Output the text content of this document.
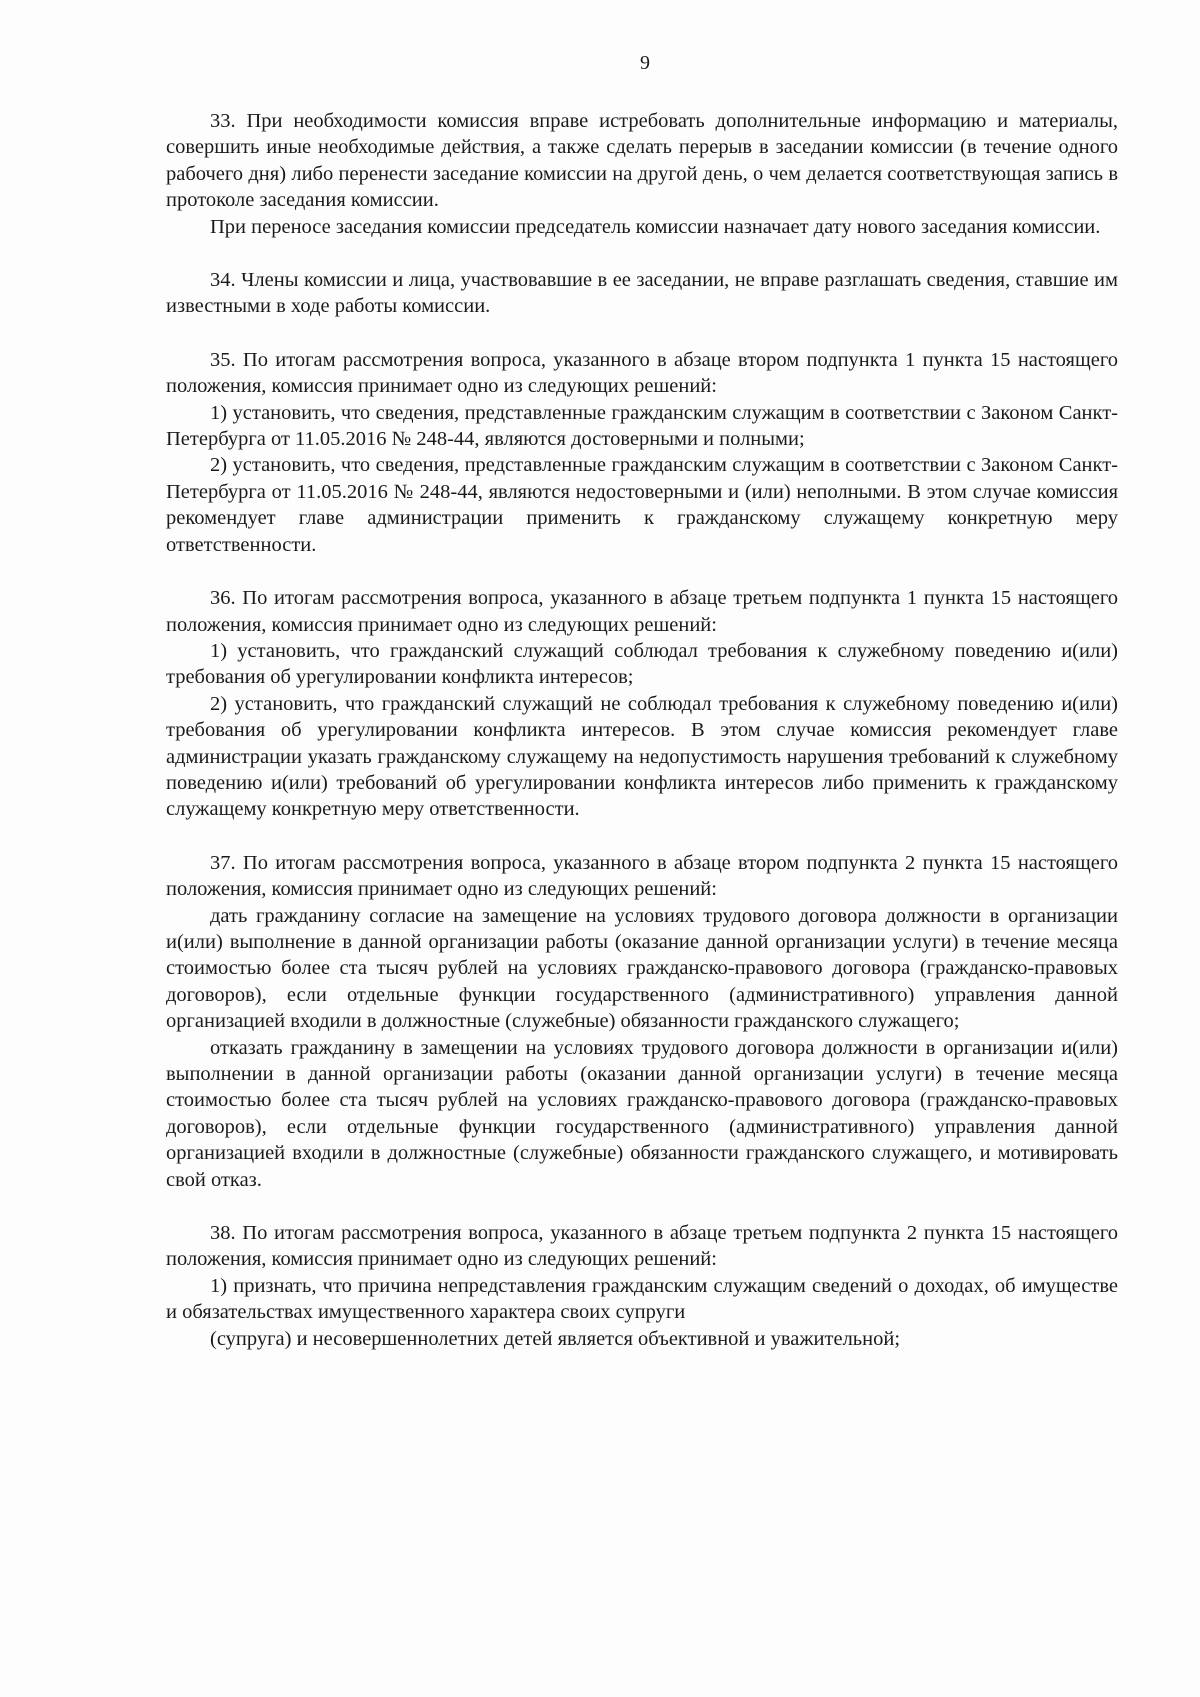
9

33. При необходимости комиссия вправе истребовать дополнительные информацию и материалы, совершить иные необходимые действия, а также сделать перерыв в заседании комиссии (в течение одного рабочего дня) либо перенести заседание комиссии на другой день, о чем делается соответствующая запись в протоколе заседания комиссии.

При переносе заседания комиссии председатель комиссии назначает дату нового заседания комиссии.

34. Члены комиссии и лица, участвовавшие в ее заседании, не вправе разглашать сведения, ставшие им известными в ходе работы комиссии.

35. По итогам рассмотрения вопроса, указанного в абзаце втором подпункта 1 пункта 15 настоящего положения, комиссия принимает одно из следующих решений:

1) установить, что сведения, представленные гражданским служащим в соответствии с Законом Санкт-Петербурга от 11.05.2016 № 248-44, являются достоверными и полными;

2) установить, что сведения, представленные гражданским служащим в соответствии с Законом Санкт-Петербурга от 11.05.2016 № 248-44, являются недостоверными и (или) неполными. В этом случае комиссия рекомендует главе администрации применить к гражданскому служащему конкретную меру ответственности.

36. По итогам рассмотрения вопроса, указанного в абзаце третьем подпункта 1 пункта 15 настоящего положения, комиссия принимает одно из следующих решений:

1) установить, что гражданский служащий соблюдал требования к служебному поведению и(или) требования об урегулировании конфликта интересов;

2) установить, что гражданский служащий не соблюдал требования к служебному поведению и(или) требования об урегулировании конфликта интересов. В этом случае комиссия рекомендует главе администрации указать гражданскому служащему на недопустимость нарушения требований к служебному поведению и(или) требований об урегулировании конфликта интересов либо применить к гражданскому служащему конкретную меру ответственности.

37. По итогам рассмотрения вопроса, указанного в абзаце втором подпункта 2 пункта 15 настоящего положения, комиссия принимает одно из следующих решений:

дать гражданину согласие на замещение на условиях трудового договора должности в организации и(или) выполнение в данной организации работы (оказание данной организации услуги) в течение месяца стоимостью более ста тысяч рублей на условиях гражданско-правового договора (гражданско-правовых договоров), если отдельные функции государственного (административного) управления данной организацией входили в должностные (служебные) обязанности гражданского служащего;

отказать гражданину в замещении на условиях трудового договора должности в организации и(или) выполнении в данной организации работы (оказании данной организации услуги) в течение месяца стоимостью более ста тысяч рублей на условиях гражданско-правового договора (гражданско-правовых договоров), если отдельные функции государственного (административного) управления данной организацией входили в должностные (служебные) обязанности гражданского служащего, и мотивировать свой отказ.

38. По итогам рассмотрения вопроса, указанного в абзаце третьем подпункта 2 пункта 15 настоящего положения, комиссия принимает одно из следующих решений:

1) признать, что причина непредставления гражданским служащим сведений о доходах, об имуществе и обязательствах имущественного характера своих супруги

(супруга) и несовершеннолетних детей является объективной и уважительной;
